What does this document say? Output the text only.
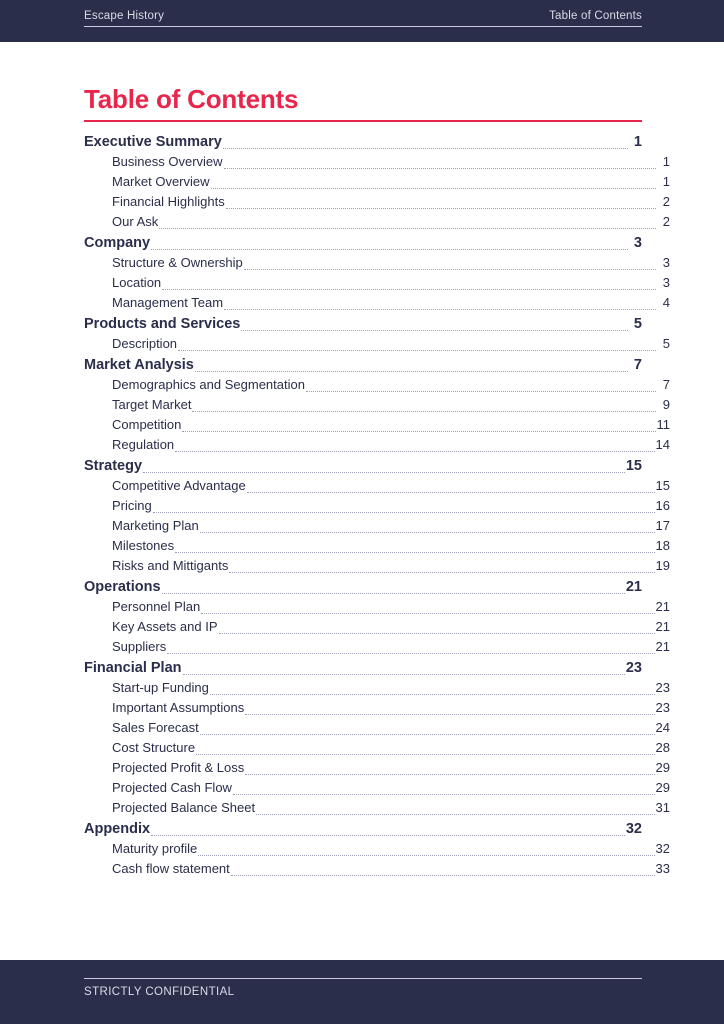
Escape History	Table of Contents
Table of Contents
Executive Summary	1
Business Overview	1
Market Overview	1
Financial Highlights	2
Our Ask	2
Company	3
Structure & Ownership	3
Location	3
Management Team	4
Products and Services	5
Description	5
Market Analysis	7
Demographics and Segmentation	7
Target Market	9
Competition	11
Regulation	14
Strategy	15
Competitive Advantage	15
Pricing	16
Marketing Plan	17
Milestones	18
Risks and Mittigants	19
Operations	21
Personnel Plan	21
Key Assets and IP	21
Suppliers	21
Financial Plan	23
Start-up Funding	23
Important Assumptions	23
Sales Forecast	24
Cost Structure	28
Projected Profit & Loss	29
Projected Cash Flow	29
Projected Balance Sheet	31
Appendix	32
Maturity profile	32
Cash flow statement	33
STRICTLY CONFIDENTIAL
